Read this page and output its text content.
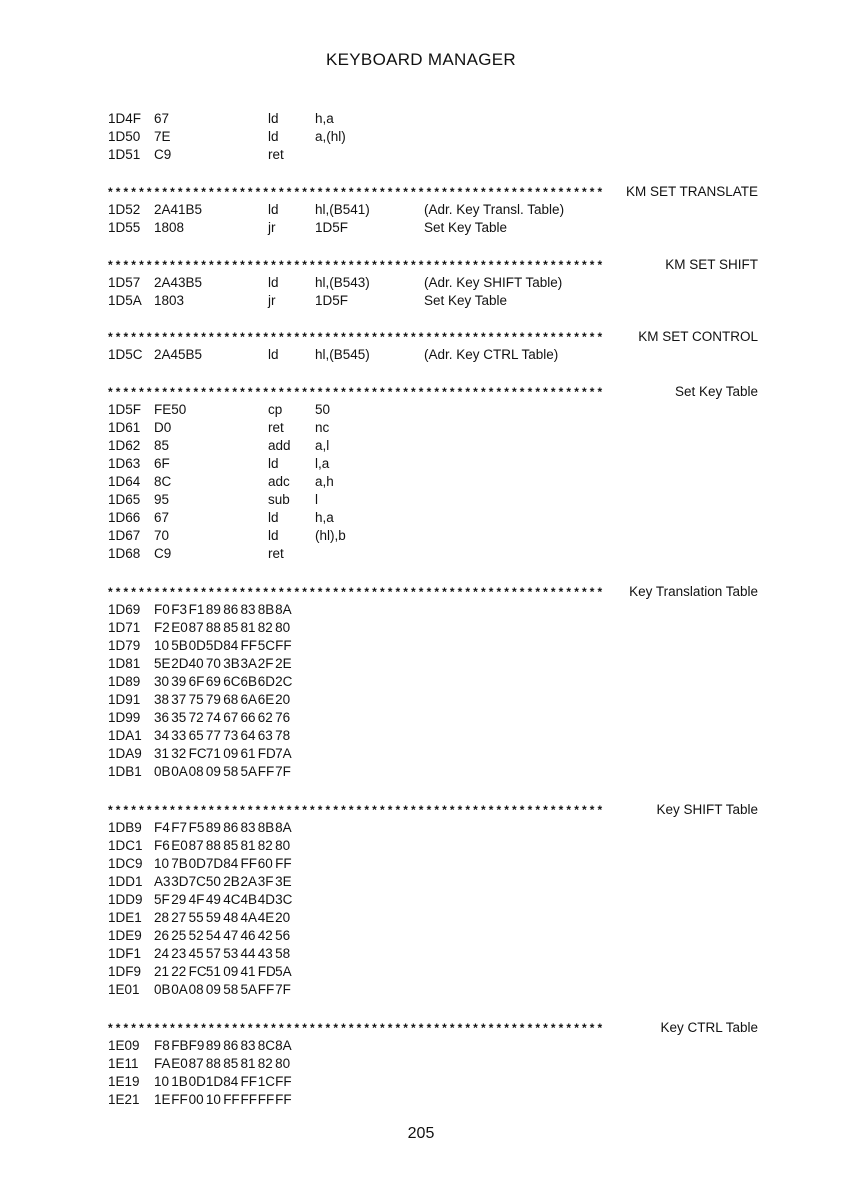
KEYBOARD MANAGER
1D4F 67	ld	h,a
1D50 7E	ld	a,(hl)
1D51 C9	ret
**************************************************************** KM SET TRANSLATE
1D52 2A41B5	ld	hl,(B541)	(Adr. Key Transl. Table)
1D55 1808	jr	1D5F	Set Key Table
****************************************************************	KM SET SHIFT
1D57 2A43B5	ld	hl,(B543)	(Adr. Key SHIFT Table)
1D5A 1803	jr	1D5F	Set Key Table
**************************************************************** KM SET CONTROL
1D5C 2A45B5	ld	hl,(B545)	(Adr. Key CTRL Table)
****************************************************************	Set Key Table
1D5F FE50	cp 50
1D61 D0	ret nc
1D62 85	add a,l
1D63 6F	ld	l,a
1D64 8C	adc a,h
1D65 95	sub l
1D66 67	ld	h,a
1D67 70	ld	(hl),b
1D68 C9	ret
**************************************************************** Key Translation Table
1D69 F0 F3 F1 89 86 83 8B8A
1D71 F2 E087 88 85 81 82 80
1D79 10 5B0D5D84 FF5CFF
1D81 5E2D40 70 3B3A2F 2E
1D89 30 39 6F 69 6C6B6D2C
1D91 38 37 75 79 68 6A6E20
1D99 36 35 72 74 67 66 62 76
1DA1 34 33 65 77 73 64 63 78
1DA9 31 32 FC71 09 61 FD7A
1DB1 0B0A08 09 58 5AFF7F
****************************************************************	Key SHIFT Table
1DB9 F4 F7 F5 89 86 83 8B8A
1DC1 F6 E087 88 85 81 82 80
1DC9 10 7B0D7D84 FF60 FF
1DD1 A33D7C50 2B2A3F 3E
1DD9 5F 29 4F 49 4C4B4D3C
1DE1 28 27 55 59 48 4A4E20
1DE9 26 25 52 54 47 46 42 56
1DF1 24 23 45 57 53 44 43 58
1DF9 21 22 FC51 09 41 FD5A
1E01 0B0A08 09 58 5AFF7F
****************************************************************	Key CTRL Table
1E09 F8 FBF9 89 86 83 8C8A
1E11 FAE087 88 85 81 82 80
1E19 10 1B0D1D84 FF1CFF
1E21 1EFF00 10 FFFFFFFF
205
